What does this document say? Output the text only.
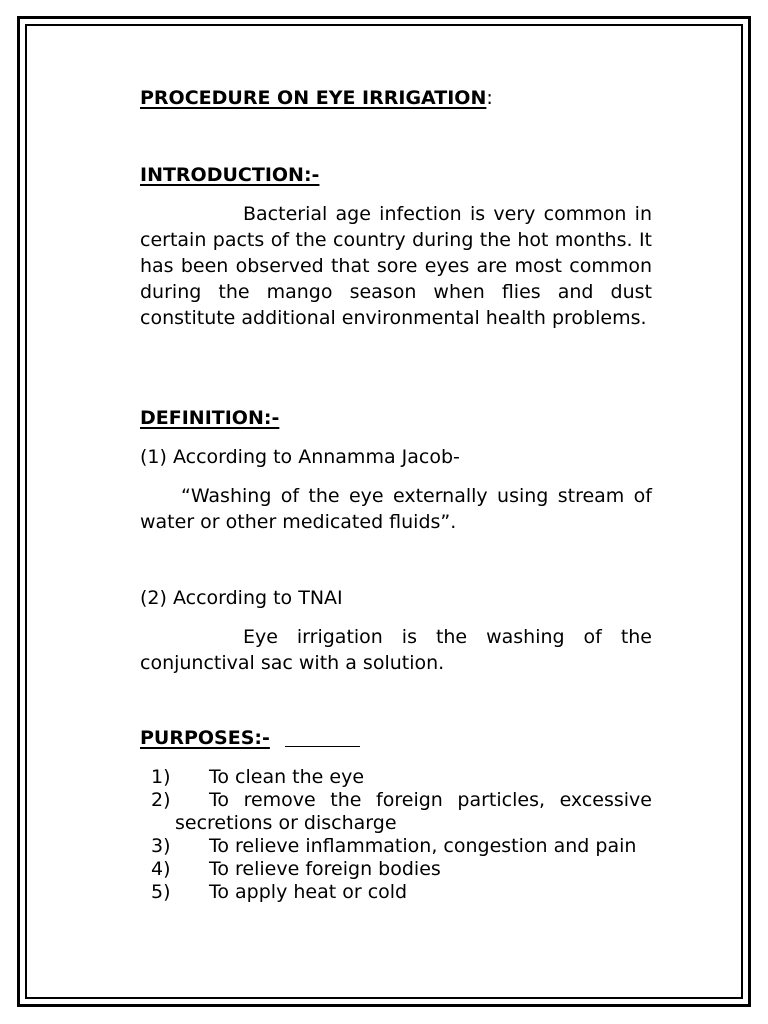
PROCEDURE ON EYE IRRIGATION:
INTRODUCTION:-
Bacterial age infection is very common in certain pacts of the country during the hot months. It has been observed that sore eyes are most common during the mango season when flies and dust constitute additional environmental health problems.
DEFINITION:-
(1) According to Annamma Jacob-
“Washing of the eye externally using stream of water or other medicated fluids”.
(2) According to TNAI
Eye irrigation is the washing of the conjunctival sac with a solution.
PURPOSES:-
1)	To clean the eye
2)	To remove the foreign particles, excessive secretions or discharge
3)	To relieve inflammation, congestion and pain
4)	To relieve foreign bodies
5)	To apply heat or cold
